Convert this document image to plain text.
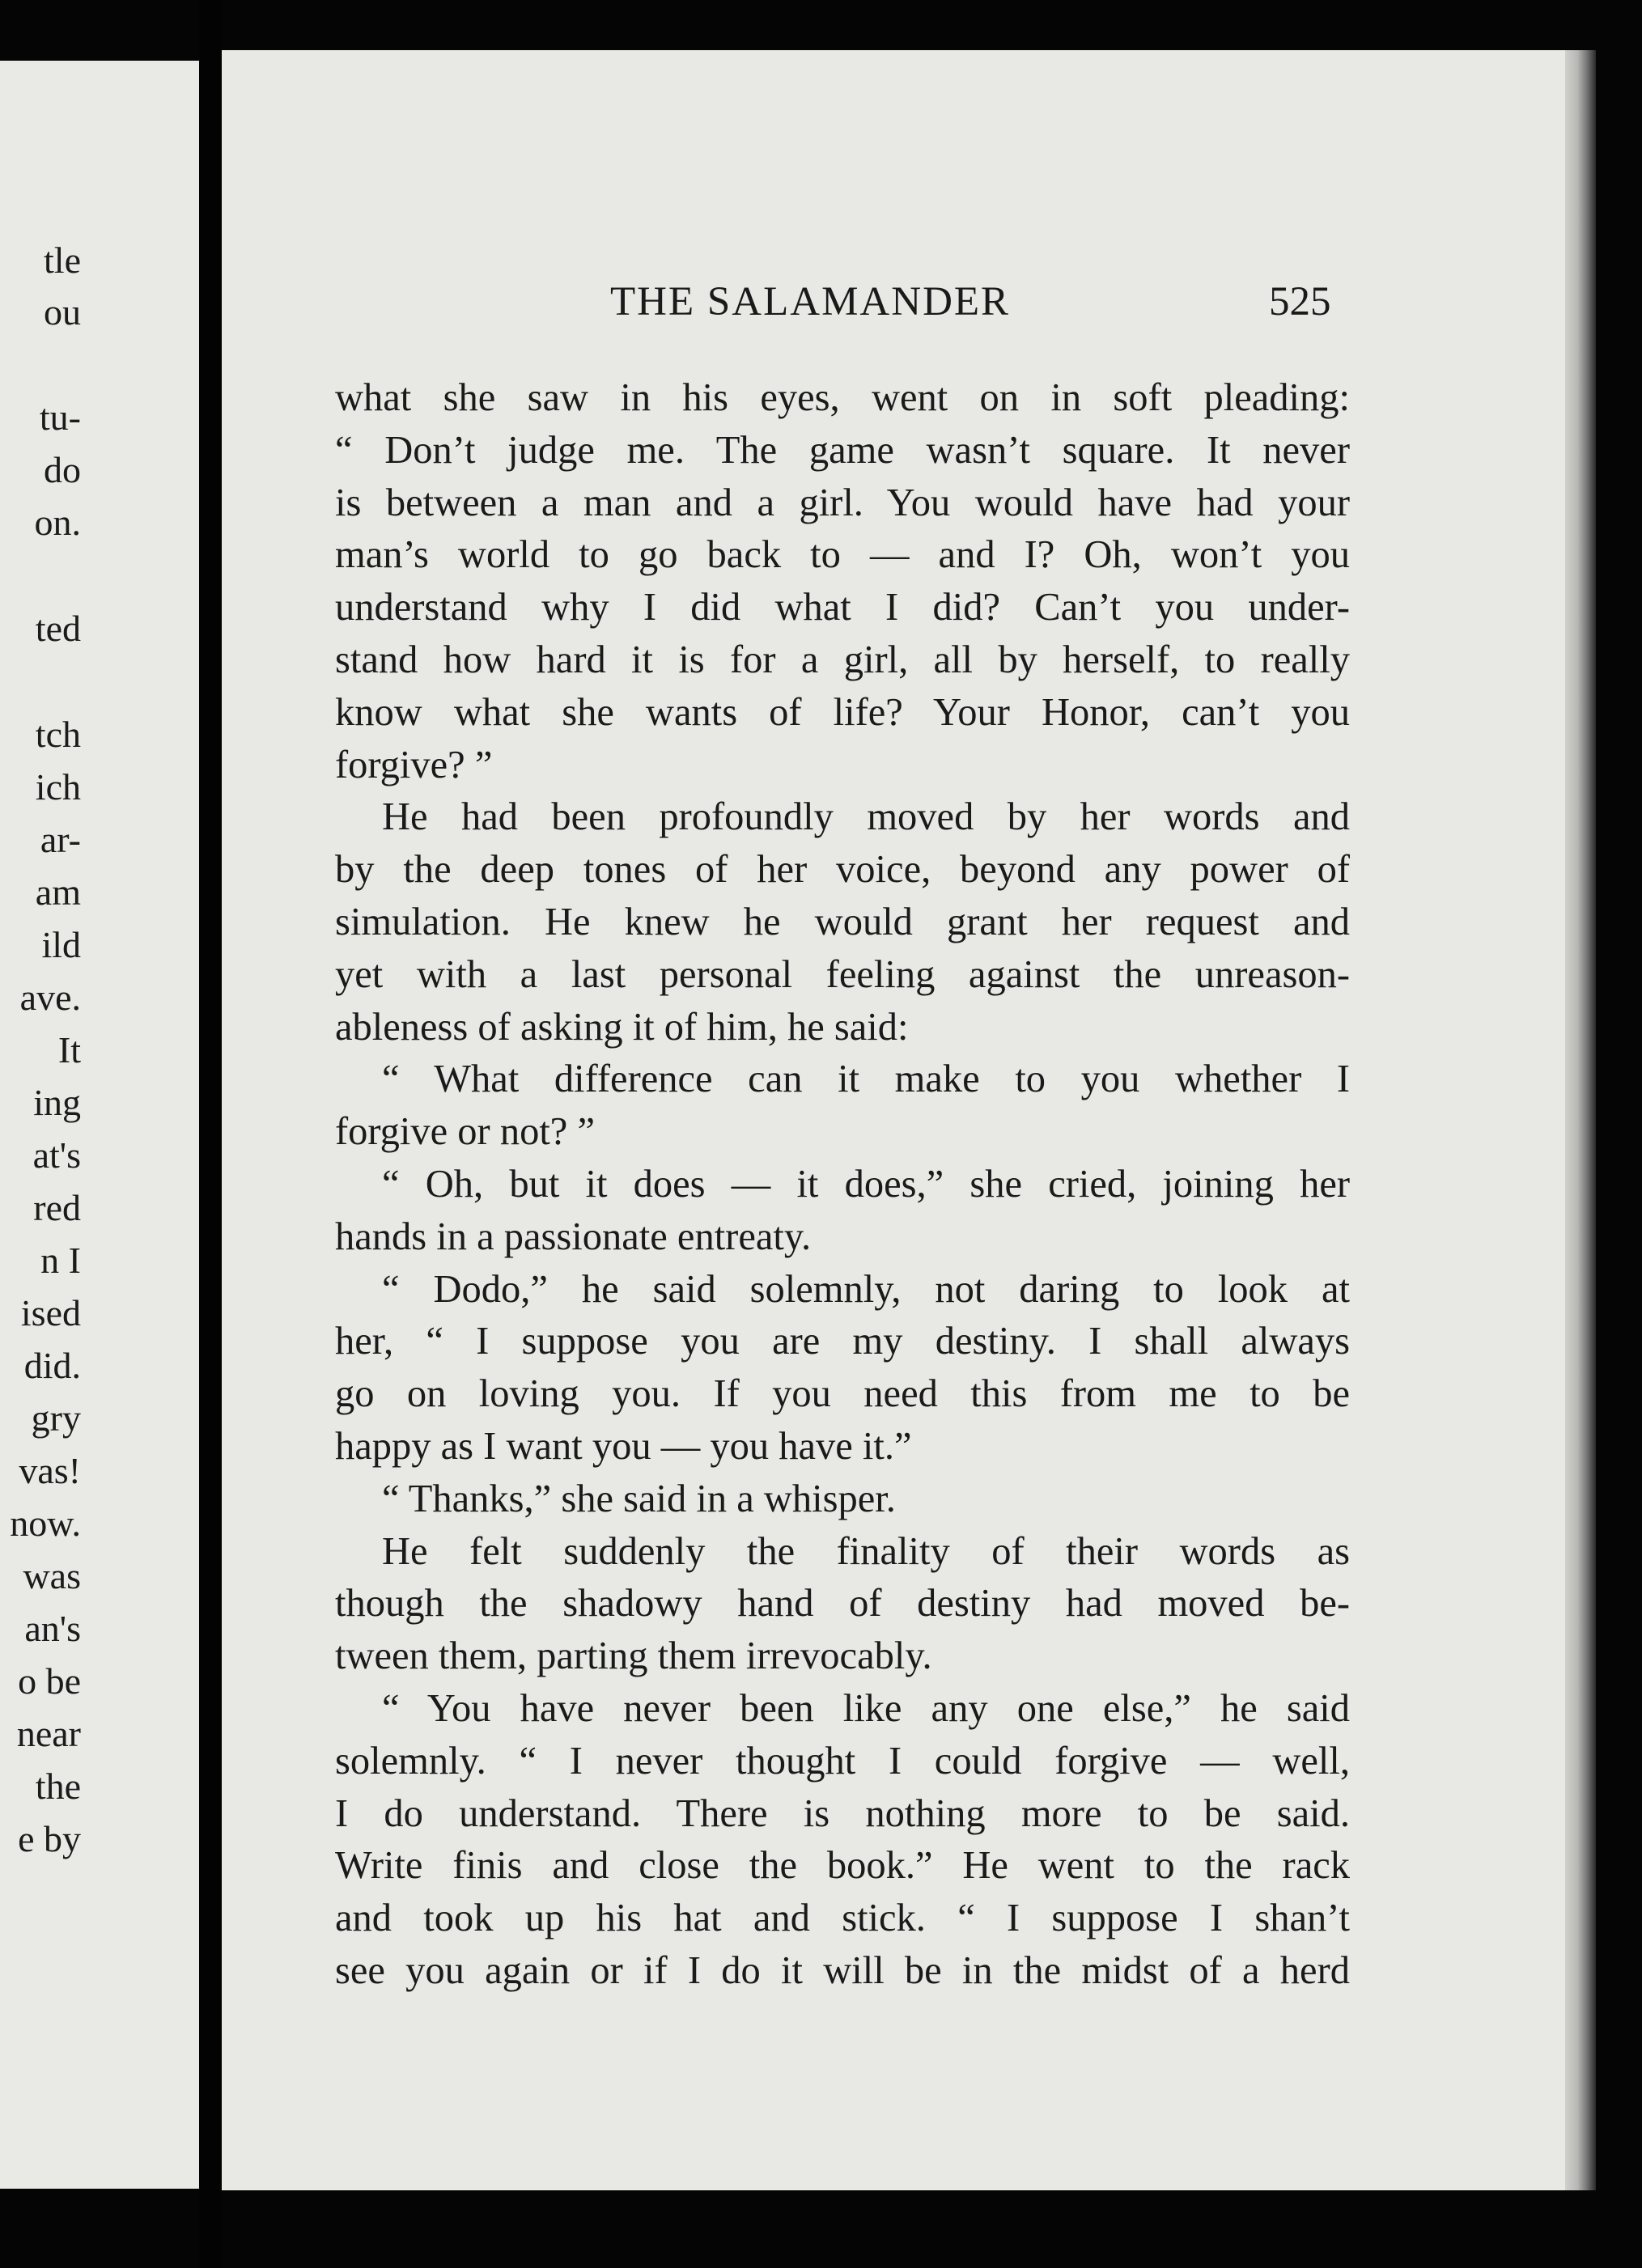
tle
ou
tu-
do
on.
ted
tch
ich
ar-
am
ild
ave.
It
ing
at's
red
n I
ised
did.
gry
vas!
now.
was
an's
o be
near
the
e by
THE SALAMANDER	525
what she saw in his eyes, went on in soft pleading:
“ Don’t judge me. The game wasn’t square. It never
is between a man and a girl. You would have had your
man’s world to go back to — and I? Oh, won’t you
understand why I did what I did? Can’t you under-
stand how hard it is for a girl, all by herself, to really
know what she wants of life? Your Honor, can’t you
forgive? ”
He had been profoundly moved by her words and
by the deep tones of her voice, beyond any power of
simulation. He knew he would grant her request and
yet with a last personal feeling against the unreason-
ableness of asking it of him, he said:
“ What difference can it make to you whether I
forgive or not? ”
“ Oh, but it does — it does,” she cried, joining her
hands in a passionate entreaty.
“ Dodo,” he said solemnly, not daring to look at
her, “ I suppose you are my destiny. I shall always
go on loving you. If you need this from me to be
happy as I want you — you have it.”
“ Thanks,” she said in a whisper.
He felt suddenly the finality of their words as
though the shadowy hand of destiny had moved be-
tween them, parting them irrevocably.
“ You have never been like any one else,” he said
solemnly. “ I never thought I could forgive — well,
I do understand. There is nothing more to be said.
Write finis and close the book.” He went to the rack
and took up his hat and stick. “ I suppose I shan’t
see you again or if I do it will be in the midst of a herd
